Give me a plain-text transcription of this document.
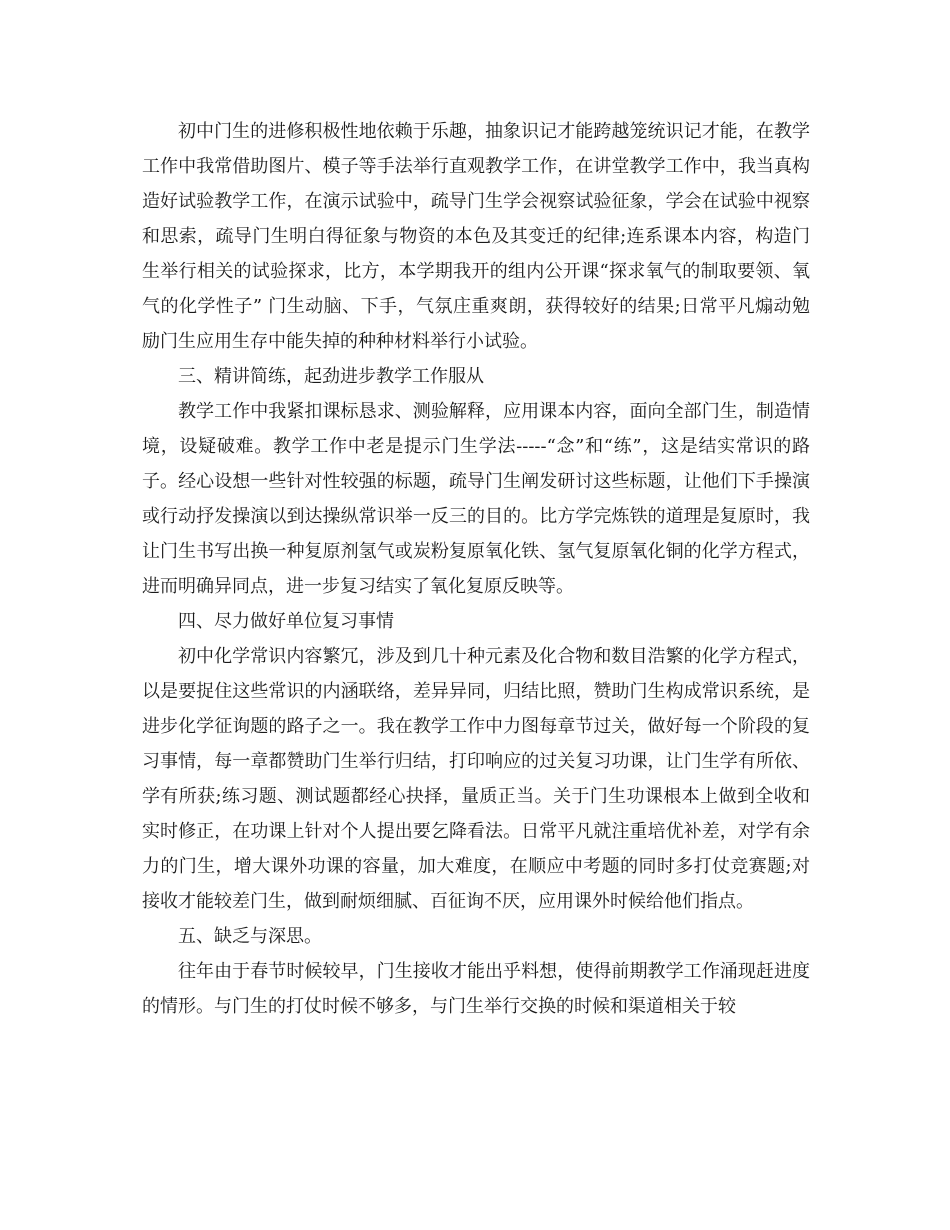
初中门生的进修积极性地依赖于乐趣，抽象识记才能跨越笼统识记才能，在教学工作中我常借助图片、模子等手法举行直观教学工作，在讲堂教学工作中，我当真构造好试验教学工作，在演示试验中，疏导门生学会视察试验征象，学会在试验中视察和思索，疏导门生明白得征象与物资的本色及其变迁的纪律;连系课本内容，构造门生举行相关的试验探求，比方，本学期我开的组内公开课“探求氧气的制取要领、氧气的化学性子” 门生动脑、下手，气氛庄重爽朗，获得较好的结果;日常平凡煽动勉励门生应用生存中能失掉的种种材料举行小试验。

三、精讲简练，起劲进步教学工作服从

教学工作中我紧扣课标恳求、测验解释，应用课本内容，面向全部门生，制造情境，设疑破难。教学工作中老是提示门生学法-----“念”和“练”，这是结实常识的路子。经心设想一些针对性较强的标题，疏导门生阐发研讨这些标题，让他们下手操演或行动抒发操演以到达操纵常识举一反三的目的。比方学完炼铁的道理是复原时，我让门生书写出换一种复原剂氢气或炭粉复原氧化铁、氢气复原氧化铜的化学方程式，进而明确异同点，进一步复习结实了氧化复原反映等。

四、尽力做好单位复习事情

初中化学常识内容繁冗，涉及到几十种元素及化合物和数目浩繁的化学方程式，以是要捉住这些常识的内涵联络，差异异同，归结比照，赞助门生构成常识系统，是进步化学征询题的路子之一。我在教学工作中力图每章节过关，做好每一个阶段的复习事情，每一章都赞助门生举行归结，打印响应的过关复习功课，让门生学有所依、学有所获;练习题、测试题都经心抉择，量质正当。关于门生功课根本上做到全收和实时修正，在功课上针对个人提出要乞降看法。日常平凡就注重培优补差，对学有余力的门生，增大课外功课的容量，加大难度，在顺应中考题的同时多打仗竞赛题;对接收才能较差门生，做到耐烦细腻、百征询不厌，应用课外时候给他们指点。

五、缺乏与深思。

往年由于春节时候较早，门生接收才能出乎料想，使得前期教学工作涌现赶进度的情形。与门生的打仗时候不够多，与门生举行交换的时候和渠道相关于较
